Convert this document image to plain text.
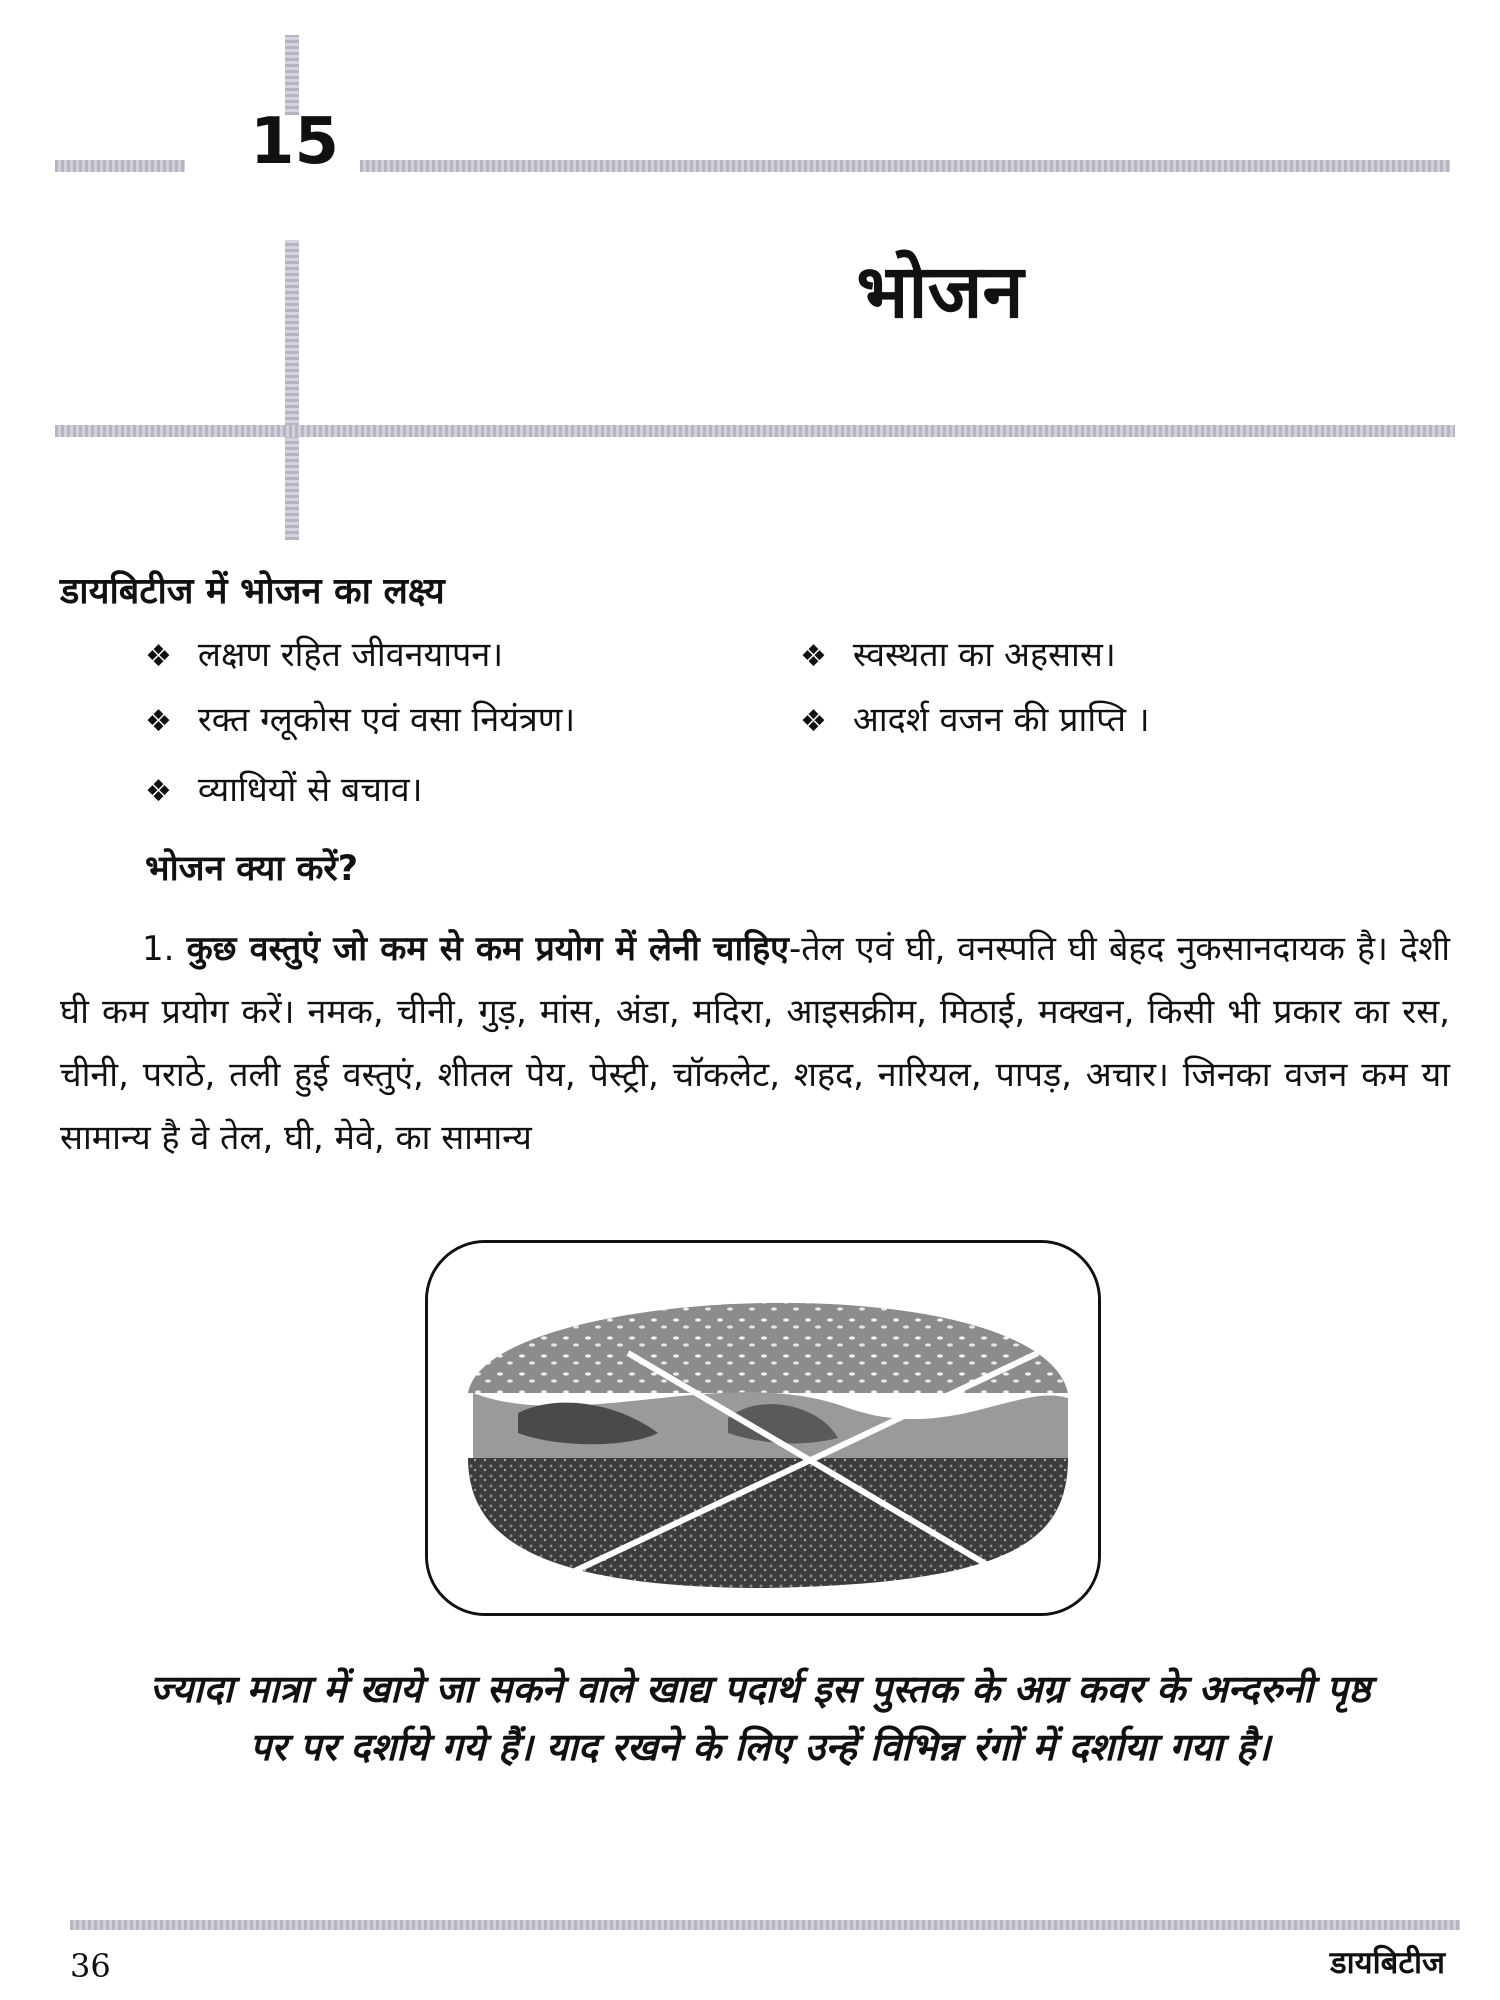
15
भोजन
डायबिटीज में भोजन का लक्ष्य
❖ लक्षण रहित जीवनयापन।	❖ स्वस्थता का अहसास।
❖ रक्त ग्लूकोस एवं वसा नियंत्रण।	❖ आदर्श वजन की प्राप्ति ।
❖ व्याधियों से बचाव।
भोजन क्या करें?

1. कुछ वस्तुएं जो कम से कम प्रयोग में लेनी चाहिए-तेल एवं घी, वनस्पति घी बेहद नुकसानदायक है। देशी घी कम प्रयोग करें। नमक, चीनी, गुड़, मांस, अंडा, मदिरा, आइसक्रीम, मिठाई, मक्खन, किसी भी प्रकार का रस, चीनी, पराठे, तली हुई वस्तुएं, शीतल पेय, पेस्ट्री, चॉकलेट, शहद, नारियल, पापड़, अचार। जिनका वजन कम या सामान्य है वे तेल, घी, मेवे, का सामान्य

ज्यादा मात्रा में खाये जा सकने वाले खाद्य पदार्थ इस पुस्तक के अग्र कवर के अन्दरुनी पृष्ठ पर पर दर्शाये गये हैं। याद रखने के लिए उन्हें विभिन्न रंगों में दर्शाया गया है।

36	डायबिटीज
